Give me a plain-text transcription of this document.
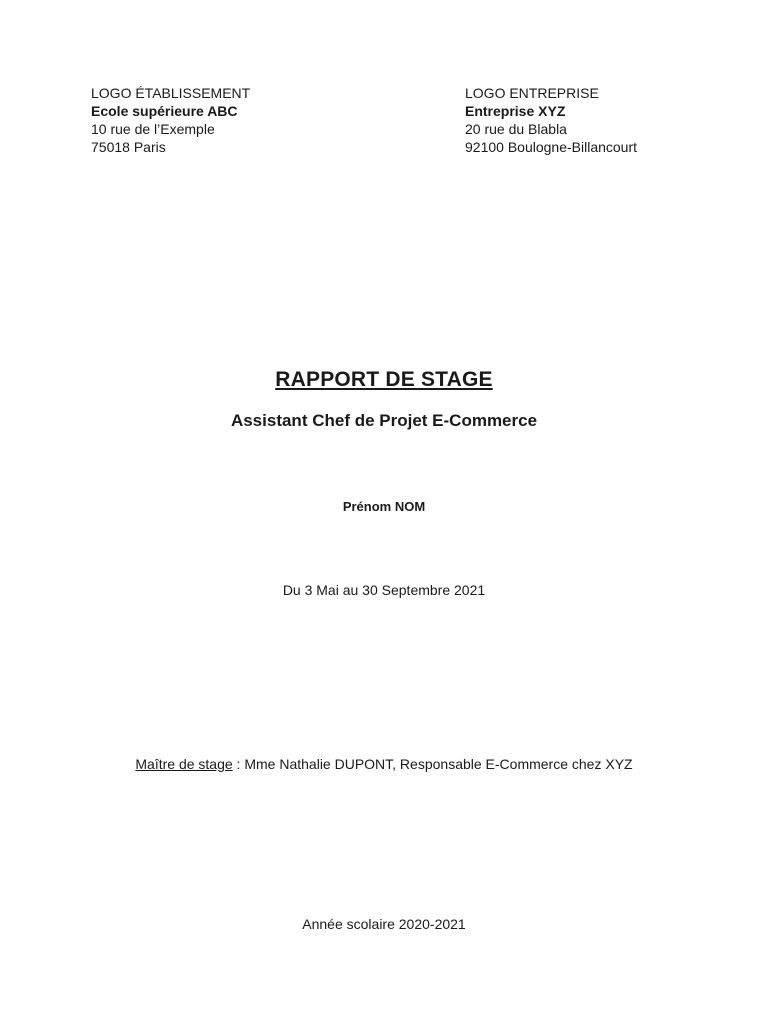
LOGO ÉTABLISSEMENT
Ecole supérieure ABC
10 rue de l’Exemple
75018 Paris
LOGO ENTREPRISE
Entreprise XYZ
20 rue du Blabla
92100 Boulogne-Billancourt
RAPPORT DE STAGE
Assistant Chef de Projet E-Commerce
Prénom NOM
Du 3 Mai au 30 Septembre 2021
Maître de stage : Mme Nathalie DUPONT, Responsable E-Commerce chez XYZ
Année scolaire 2020-2021
